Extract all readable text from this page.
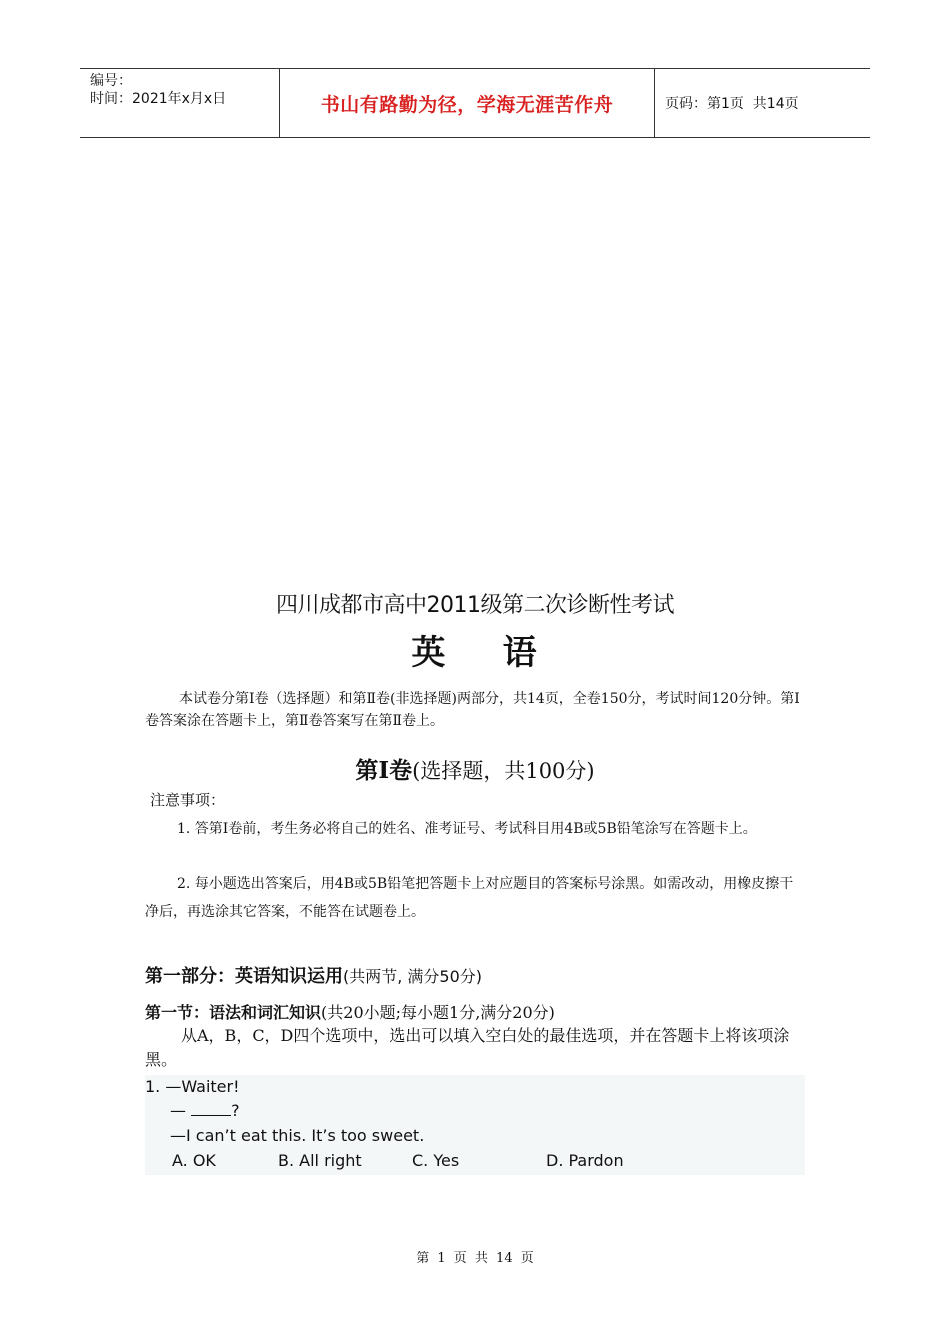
编号：
时间：2021年x月x日	书山有路勤为径，学海无涯苦作舟	页码：第1页  共14页
四川成都市高中2011级第二次诊断性考试
英    语
本试卷分第Ⅰ卷（选择题）和第Ⅱ卷(非选择题)两部分，共14页，全卷150分，考试时间120分钟。第Ⅰ卷答案涂在答题卡上，第Ⅱ卷答案写在第Ⅱ卷上。
第Ⅰ卷(选择题，共100分)
注意事项：
1. 答第I卷前，考生务必将自己的姓名、准考证号、考试科目用4B或5B铅笔涂写在答题卡上。
2. 每小题选出答案后，用4B或5B铅笔把答题卡上对应题目的答案标号涂黑。如需改动，用橡皮擦干净后，再选涂其它答案，不能答在试题卷上。
第一部分：英语知识运用(共两节, 满分50分)
第一节：语法和词汇知识(共20小题;每小题1分,满分20分)
从A，B，C，D四个选项中，选出可以填入空白处的最佳选项，并在答题卡上将该项涂黑。
1. —Waiter!
—	?
—I can’t eat this. It’s too sweet.
A. OK	B. All right	C. Yes	D. Pardon
第 1 页 共 14 页
